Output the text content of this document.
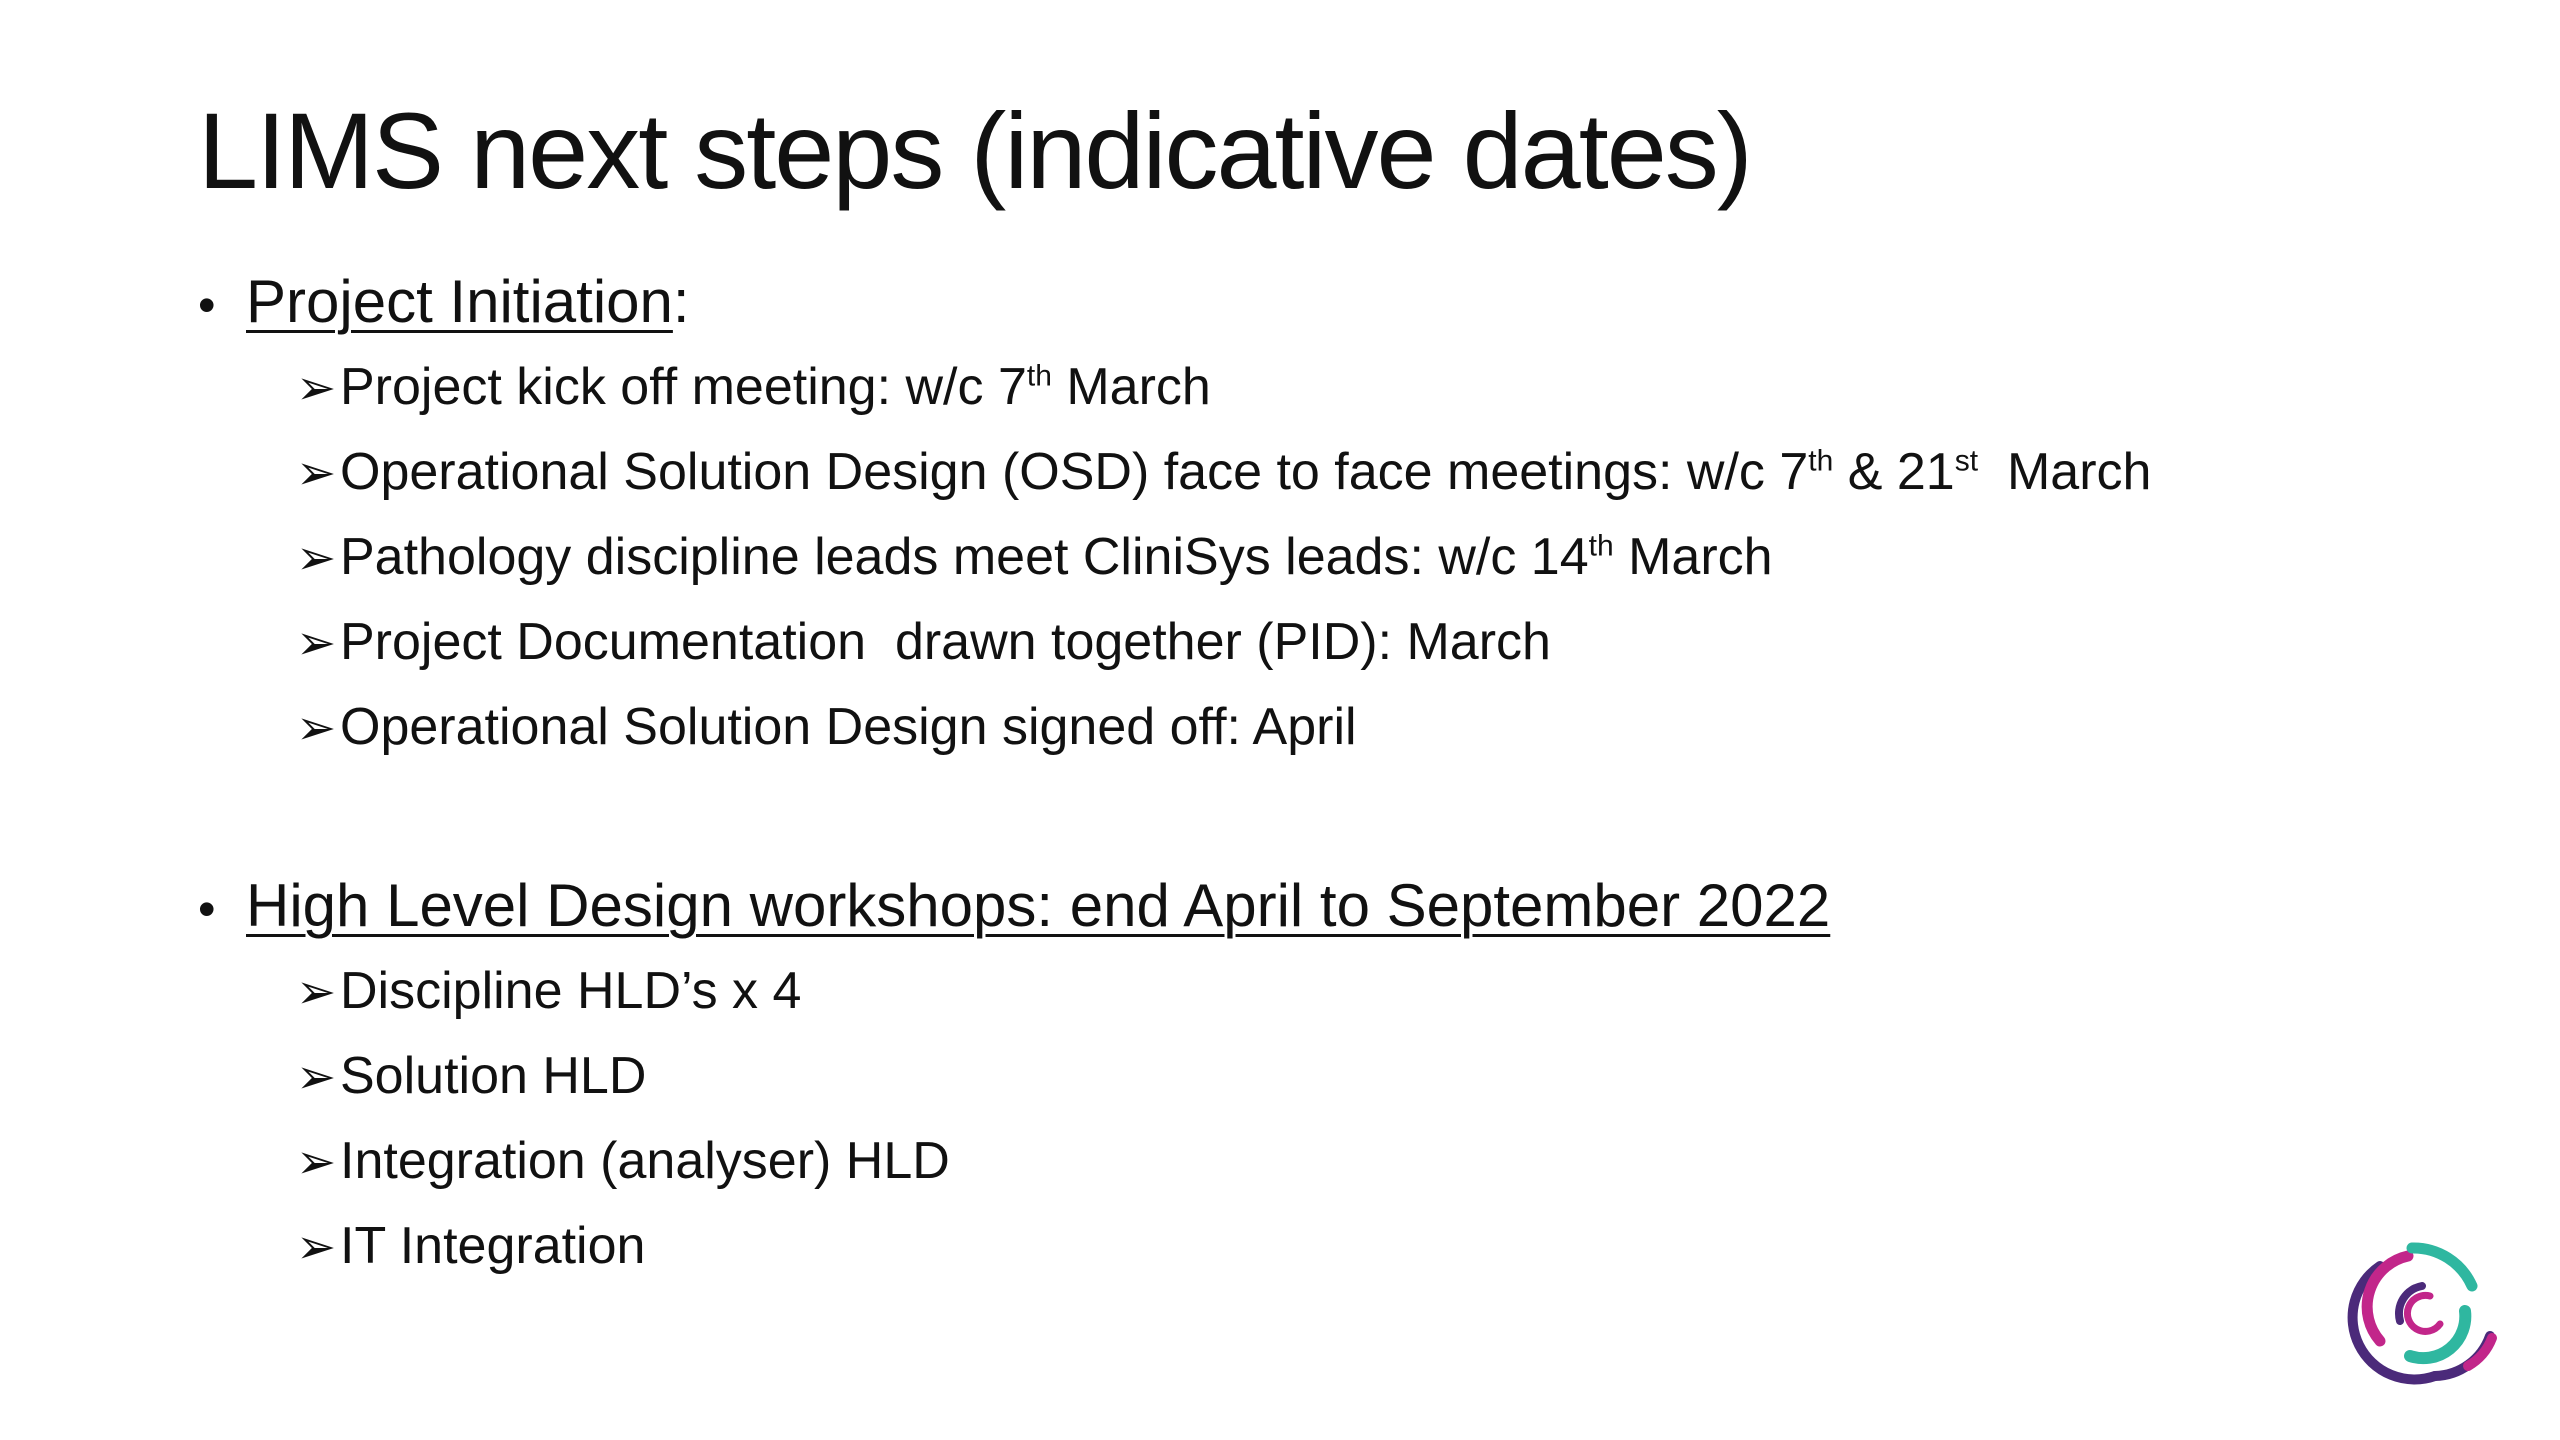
LIMS next steps (indicative dates)
• Project Initiation :
➢ Project kick off meeting: w/c 7th March
➢ Operational Solution Design (OSD) face to face meetings: w/c 7th & 21st  March
➢ Pathology discipline leads meet CliniSys leads: w/c 14th March
➢ Project Documentation  drawn together (PID): March
➢ Operational Solution Design signed off: April
• High Level Design workshops: end April to September 2022
➢ Discipline HLD’s x 4
➢ Solution HLD
➢ Integration (analyser) HLD
➢ IT Integration
